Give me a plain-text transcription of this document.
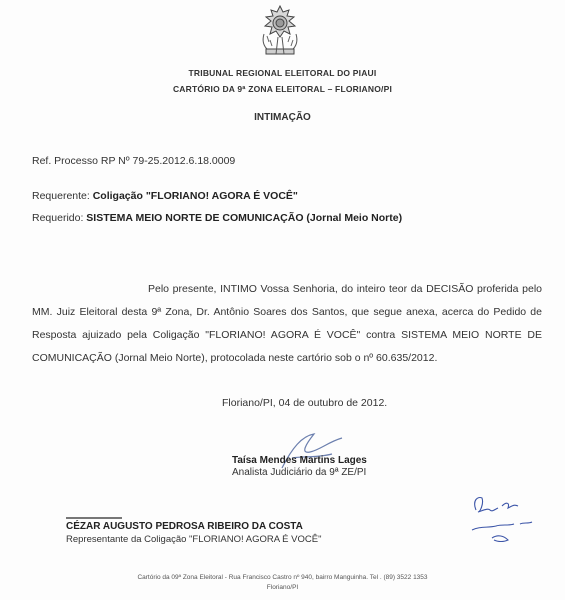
TRIBUNAL REGIONAL ELEITORAL DO PIAUI
CARTÓRIO DA 9ª ZONA ELEITORAL – FLORIANO/PI
INTIMAÇÃO
Ref. Processo RP Nº 79-25.2012.6.18.0009
Requerente: Coligação "FLORIANO! AGORA É VOCÊ"
Requerido: SISTEMA MEIO NORTE DE COMUNICAÇÃO (Jornal Meio Norte)
Pelo presente, INTIMO Vossa Senhoria, do inteiro teor da DECISÃO proferida pelo MM. Juiz Eleitoral desta 9ª Zona, Dr. Antônio Soares dos Santos, que segue anexa, acerca do Pedido de Resposta ajuizado pela Coligação "FLORIANO! AGORA É VOCÊ" contra SISTEMA MEIO NORTE DE COMUNICAÇÃO (Jornal Meio Norte), protocolada neste cartório sob o nº 60.635/2012.
Floriano/PI, 04 de outubro de 2012.
Taísa Mendes Martins Lages
Analista Judiciário da 9ª ZE/PI
CÉZAR AUGUSTO PEDROSA RIBEIRO DA COSTA
Representante da Coligação "FLORIANO! AGORA É VOCÊ"
Cartório da 09ª Zona Eleitoral - Rua Francisco Castro nº 940, bairro Manguinha. Tel . (89) 3522 1353
Floriano/PI
